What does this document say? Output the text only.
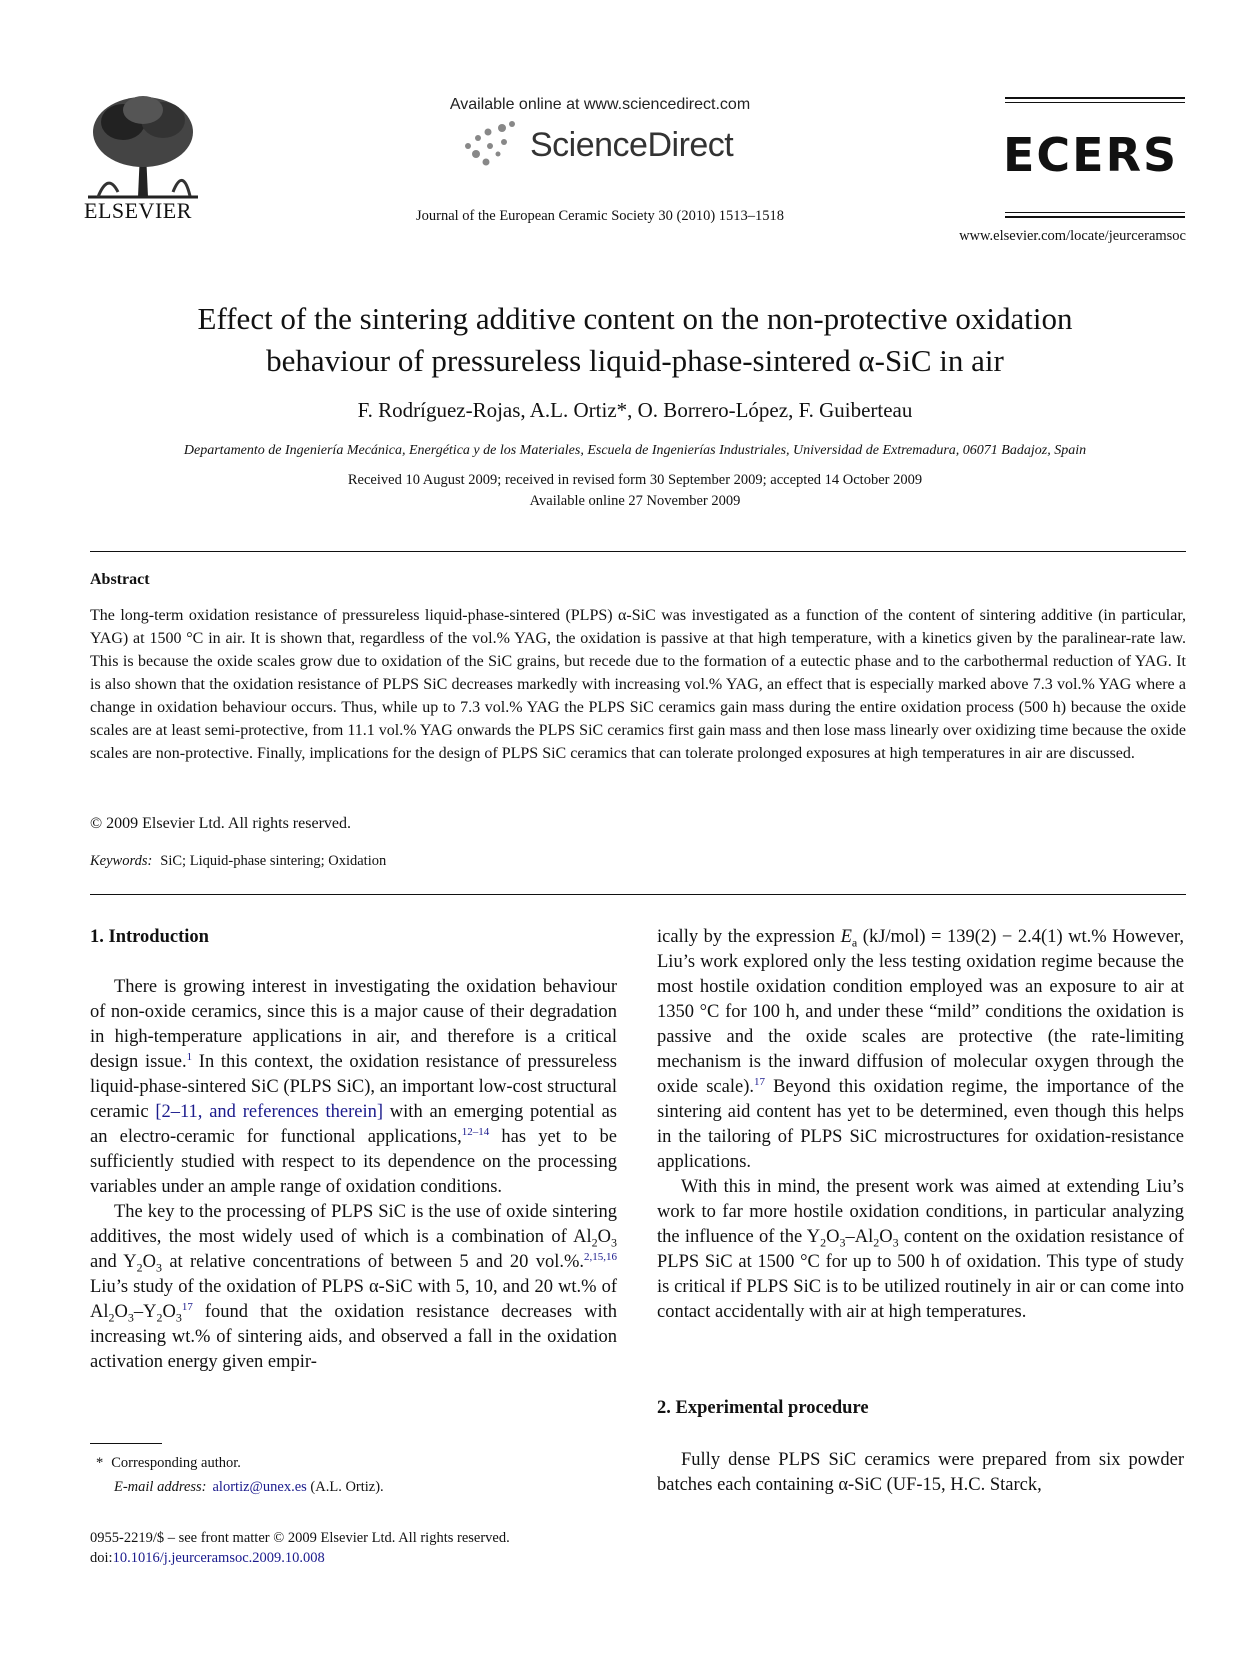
ELSEVIER
Available online at www.sciencedirect.com
ScienceDirect
Journal of the European Ceramic Society 30 (2010) 1513–1518
ECERS
www.elsevier.com/locate/jeurceramsoc
Effect of the sintering additive content on the non-protective oxidation
behaviour of pressureless liquid-phase-sintered α-SiC in air
F. Rodríguez-Rojas, A.L. Ortiz*, O. Borrero-López, F. Guiberteau
Departamento de Ingeniería Mecánica, Energética y de los Materiales, Escuela de Ingenierías Industriales, Universidad de Extremadura, 06071 Badajoz, Spain
Received 10 August 2009; received in revised form 30 September 2009; accepted 14 October 2009
Available online 27 November 2009
Abstract
The long-term oxidation resistance of pressureless liquid-phase-sintered (PLPS) α-SiC was investigated as a function of the content of sintering additive (in particular, YAG) at 1500 °C in air. It is shown that, regardless of the vol.% YAG, the oxidation is passive at that high temperature, with a kinetics given by the paralinear-rate law. This is because the oxide scales grow due to oxidation of the SiC grains, but recede due to the formation of a eutectic phase and to the carbothermal reduction of YAG. It is also shown that the oxidation resistance of PLPS SiC decreases markedly with increasing vol.% YAG, an effect that is especially marked above 7.3 vol.% YAG where a change in oxidation behaviour occurs. Thus, while up to 7.3 vol.% YAG the PLPS SiC ceramics gain mass during the entire oxidation process (500 h) because the oxide scales are at least semi-protective, from 11.1 vol.% YAG onwards the PLPS SiC ceramics first gain mass and then lose mass linearly over oxidizing time because the oxide scales are non-protective. Finally, implications for the design of PLPS SiC ceramics that can tolerate prolonged exposures at high temperatures in air are discussed.
© 2009 Elsevier Ltd. All rights reserved.
Keywords: SiC; Liquid-phase sintering; Oxidation
1. Introduction

There is growing interest in investigating the oxidation behaviour of non-oxide ceramics, since this is a major cause of their degradation in high-temperature applications in air, and therefore is a critical design issue.$^1$ In this context, the oxidation resistance of pressureless liquid-phase-sintered SiC (PLPS SiC), an important low-cost structural ceramic [2–11, and references therein] with an emerging potential as an electro-ceramic for functional applications,$^{12-14}$ has yet to be sufficiently studied with respect to its dependence on the processing variables under an ample range of oxidation conditions.

The key to the processing of PLPS SiC is the use of oxide sintering additives, the most widely used of which is a combination of $Al_2O_3$ and $Y_2O_3$ at relative concentrations of between 5 and 20 vol.%.$^{2,15,16}$ Liu’s study of the oxidation of PLPS α-SiC with 5, 10, and 20 wt.% of $Al_2O_3-Y_2O_3^{17}$ found that the oxidation resistance decreases with increasing wt.% of sintering aids, and observed a fall in the oxidation activation energy given empir-

ically by the expression $E_a$ (kJ/mol) = 139(2) − 2.4(1) wt.% However, Liu’s work explored only the less testing oxidation regime because the most hostile oxidation condition employed was an exposure to air at 1350 °C for 100 h, and under these “mild” conditions the oxidation is passive and the oxide scales are protective (the rate-limiting mechanism is the inward diffusion of molecular oxygen through the oxide scale).$^{17}$ Beyond this oxidation regime, the importance of the sintering aid content has yet to be determined, even though this helps in the tailoring of PLPS SiC microstructures for oxidation-resistance applications.

With this in mind, the present work was aimed at extending Liu’s work to far more hostile oxidation conditions, in particular analyzing the influence of the $Y_2O_3-Al_2O_3$ content on the oxidation resistance of PLPS SiC at 1500 °C for up to 500 h of oxidation. This type of study is critical if PLPS SiC is to be utilized routinely in air or can come into contact accidentally with air at high temperatures.

2. Experimental procedure
Fully dense PLPS SiC ceramics were prepared from six powder batches each containing α-SiC (UF-15, H.C. Starck,
* Corresponding author.
E-mail address: alortiz@unex.es (A.L. Ortiz).
0955-2219/$ – see front matter © 2009 Elsevier Ltd. All rights reserved.
doi:10.1016/j.jeurceramsoc.2009.10.008
